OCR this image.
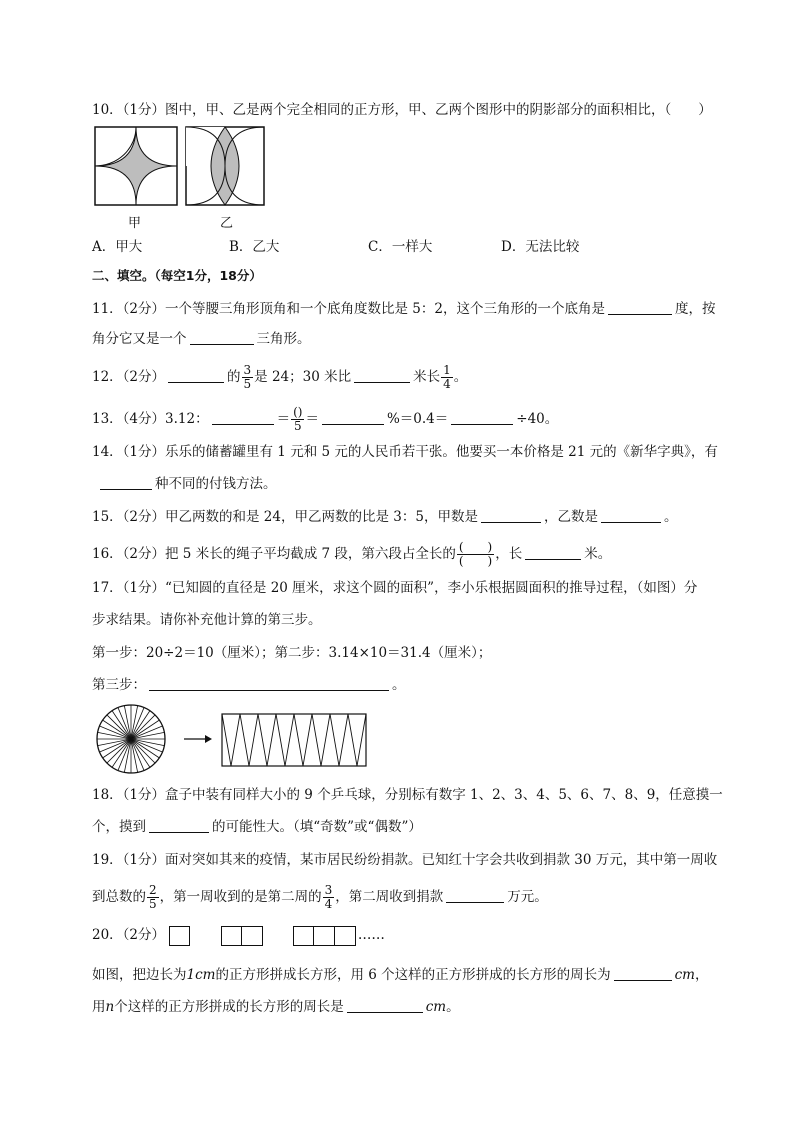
10．（1分）图中，甲、乙是两个完全相同的正方形，甲、乙两个图形中的阴影部分的面积相比，（　　）
甲	乙
A．甲大	B．乙大	C．一样大	D．无法比较
二、填空。（每空1分，18分）
11．（2分）一个等腰三角形顶角和一个底角度数比是 5：2，这个三角形的一个底角是	度，按
角分它又是一个	三角形。
12．（2分）	的 $\frac{3}{5}$ 是 24；30 米比	米长 $\frac{1}{4}$ 。
13．（4分）3.12：	＝ $\frac{()}{5}$ ＝	%＝0.4＝	÷40。
14．（1分）乐乐的储蓄罐里有 1 元和 5 元的人民币若干张。他要买一本价格是 21 元的《新华字典》，有
种不同的付钱方法。
15．（2分）甲乙两数的和是 24，甲乙两数的比是 3：5，甲数是	，乙数是	。
16．（2分）把 5 米长的绳子平均截成 7 段，第六段占全长的 $\frac{( )}{( )}$ ，长	米。
17．（1分）“已知圆的直径是 20 厘米，求这个圆的面积”，李小乐根据圆面积的推导过程，（如图）分
步求结果。请你补充他计算的第三步。
第一步：20÷2＝10（厘米）；第二步：3.14×10＝31.4（厘米）；
第三步：	。
18．（1分）盒子中装有同样大小的 9 个乒乓球，分别标有数字 1、2、3、4、5、6、7、8、9，任意摸一
个，摸到	的可能性大。（填“奇数”或“偶数”）
19．（1分）面对突如其来的疫情，某市居民纷纷捐款。已知红十字会共收到捐款 30 万元，其中第一周收
到总数的 $\frac{2}{5}$ ，第一周收到的是第二周的 $\frac{3}{4}$ ，第二周收到捐款	万元。
20．（2分）

	……
如图，把边长为1cm的正方形拼成长方形，用 6 个这样的正方形拼成的长方形的周长为	cm，
用n个这样的正方形拼成的长方形的周长是	cm。
